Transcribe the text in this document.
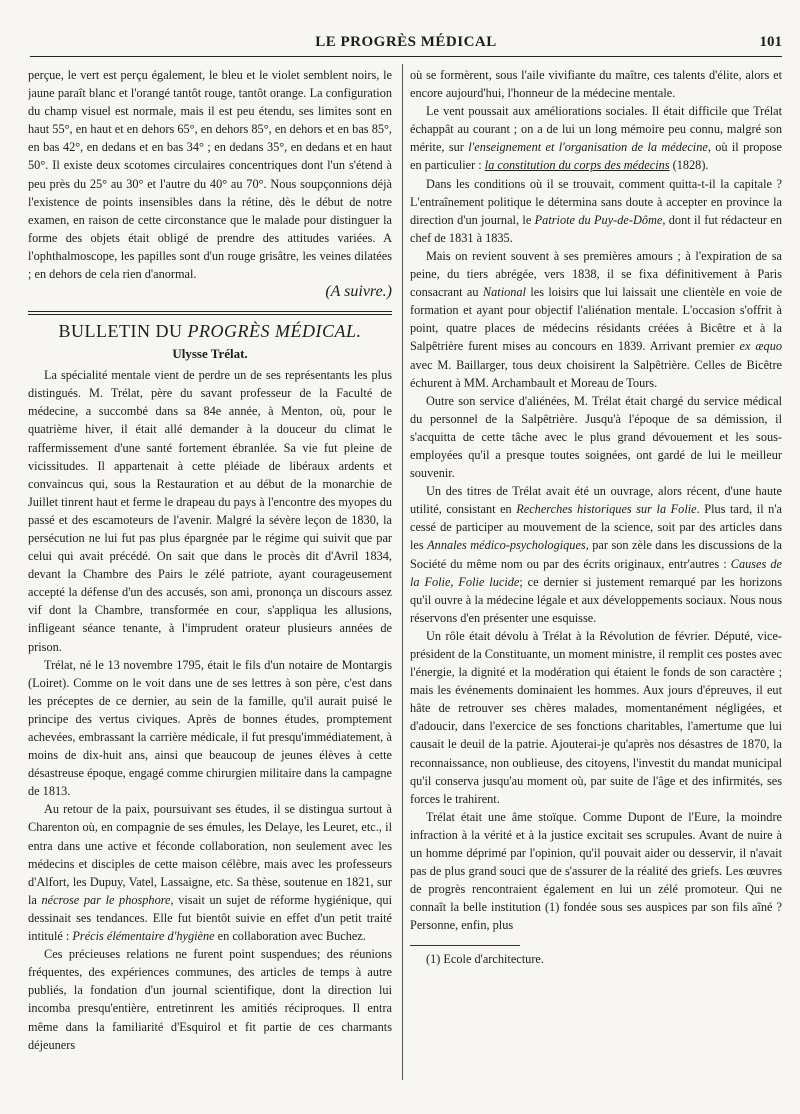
LE PROGRÈS MÉDICAL	101

perçue, le vert est perçu également, le bleu et le violet semblent noirs, le jaune paraît blanc et l'orangé tantôt rouge, tantôt orange. La configuration du champ visuel est normale, mais il est peu étendu, ses limites sont en haut 55°, en haut et en dehors 65°, en dehors 85°, en dehors et en bas 85°, en bas 42°, en dedans et en bas 34° ; en dedans 35°, en dedans et en haut 50°. Il existe deux scotomes circulaires concentriques dont l'un s'étend à peu près du 25° au 30° et l'autre du 40° au 70°. Nous soupçonnions déjà l'existence de points insensibles dans la rétine, dès le début de notre examen, en raison de cette circonstance que le malade pour distinguer la forme des objets était obligé de prendre des attitudes variées. A l'ophthalmoscope, les papilles sont d'un rouge grisâtre, les veines dilatées ; en dehors de cela rien d'anormal.

(A suivre.)
BULLETIN DU PROGRÈS MÉDICAL.
Ulysse Trélat.

La spécialité mentale vient de perdre un de ses représentants les plus distingués. M. Trélat, père du savant professeur de la Faculté de médecine, a succombé dans sa 84e année, à Menton, où, pour le quatrième hiver, il était allé demander à la douceur du climat le raffermissement d'une santé fortement ébranlée. Sa vie fut pleine de vicissitudes. Il appartenait à cette pléiade de libéraux ardents et convaincus qui, sous la Restauration et au début de la monarchie de Juillet tinrent haut et ferme le drapeau du pays à l'encontre des myopes du passé et des escamoteurs de l'avenir. Malgré la sévère leçon de 1830, la persécution ne lui fut pas plus épargnée par le régime qui suivit que par celui qui avait précédé. On sait que dans le procès dit d'Avril 1834, devant la Chambre des Pairs le zélé patriote, ayant courageusement accepté la défense d'un des accusés, son ami, prononça un discours assez vif dont la Chambre, transformée en cour, s'appliqua les allusions, infligeant séance tenante, à l'imprudent orateur plusieurs années de prison.

Trélat, né le 13 novembre 1795, était le fils d'un notaire de Montargis (Loiret). Comme on le voit dans une de ses lettres à son père, c'est dans les préceptes de ce dernier, au sein de la famille, qu'il aurait puisé le principe des vertus civiques. Après de bonnes études, promptement achevées, embrassant la carrière médicale, il fut presqu'immédiatement, à moins de dix-huit ans, ainsi que beaucoup de jeunes élèves à cette désastreuse époque, engagé comme chirurgien militaire dans la campagne de 1813.

Au retour de la paix, poursuivant ses études, il se distingua surtout à Charenton où, en compagnie de ses émules, les Delaye, les Leuret, etc., il entra dans une active et féconde collaboration, non seulement avec les médecins et disciples de cette maison célèbre, mais avec les professeurs d'Alfort, les Dupuy, Vatel, Lassaigne, etc. Sa thèse, soutenue en 1821, sur la nécrose par le phosphore, visait un sujet de réforme hygiénique, qui dessinait ses tendances. Elle fut bientôt suivie en effet d'un petit traité intitulé : Précis élémentaire d'hygiène en collaboration avec Buchez.

Ces précieuses relations ne furent point suspendues; des réunions fréquentes, des expériences communes, des articles de temps à autre publiés, la fondation d'un journal scientifique, dont la direction lui incomba presqu'entière, entretinrent les amitiés réciproques. Il entra même dans la familiarité d'Esquirol et fit partie de ces charmants déjeuners

où se formèrent, sous l'aile vivifiante du maître, ces talents d'élite, alors et encore aujourd'hui, l'honneur de la médecine mentale.

Le vent poussait aux améliorations sociales. Il était difficile que Trélat échappât au courant ; on a de lui un long mémoire peu connu, malgré son mérite, sur l'enseignement et l'organisation de la médecine, où il propose en particulier : la constitution du corps des médecins (1828).

Dans les conditions où il se trouvait, comment quitta-t-il la capitale ? L'entraînement politique le détermina sans doute à accepter en province la direction d'un journal, le Patriote du Puy-de-Dôme, dont il fut rédacteur en chef de 1831 à 1835.

Mais on revient souvent à ses premières amours ; à l'expiration de sa peine, du tiers abrégée, vers 1838, il se fixa définitivement à Paris consacrant au National les loisirs que lui laissait une clientèle en voie de formation et ayant pour objectif l'aliénation mentale. L'occasion s'offrit à point, quatre places de médecins résidants créées à Bicêtre et à la Salpêtrière furent mises au concours en 1839. Arrivant premier ex æquo avec M. Baillarger, tous deux choisirent la Salpêtrière. Celles de Bicêtre échurent à MM. Archambault et Moreau de Tours.

Outre son service d'aliénées, M. Trélat était chargé du service médical du personnel de la Salpêtrière. Jusqu'à l'époque de sa démission, il s'acquitta de cette tâche avec le plus grand dévouement et les sous-employées qu'il a presque toutes soignées, ont gardé de lui le meilleur souvenir.

Un des titres de Trélat avait été un ouvrage, alors récent, d'une haute utilité, consistant en Recherches historiques sur la Folie. Plus tard, il n'a cessé de participer au mouvement de la science, soit par des articles dans les Annales médico-psychologiques, par son zèle dans les discussions de la Société du même nom ou par des écrits originaux, entr'autres : Causes de la Folie, Folie lucide; ce dernier si justement remarqué par les horizons qu'il ouvre à la médecine légale et aux développements sociaux. Nous nous réservons d'en présenter une esquisse.

Un rôle était dévolu à Trélat à la Révolution de février. Député, vice-président de la Constituante, un moment ministre, il remplit ces postes avec l'énergie, la dignité et la modération qui étaient le fonds de son caractère ; mais les événements dominaient les hommes. Aux jours d'épreuves, il eut hâte de retrouver ses chères malades, momentanément négligées, et d'adoucir, dans l'exercice de ses fonctions charitables, l'amertume que lui causait le deuil de la patrie. Ajouterai-je qu'après nos désastres de 1870, la reconnaissance, non oublieuse, des citoyens, l'investit du mandat municipal qu'il conserva jusqu'au moment où, par suite de l'âge et des infirmités, ses forces le trahirent.

Trélat était une âme stoïque. Comme Dupont de l'Eure, la moindre infraction à la vérité et à la justice excitait ses scrupules. Avant de nuire à un homme déprimé par l'opinion, qu'il pouvait aider ou desservir, il n'avait pas de plus grand souci que de s'assurer de la réalité des griefs. Les œuvres de progrès rencontraient également en lui un zélé promoteur. Qui ne connaît la belle institution (1) fondée sous ses auspices par son fils aîné ? Personne, enfin, plus

(1) Ecole d'architecture.
